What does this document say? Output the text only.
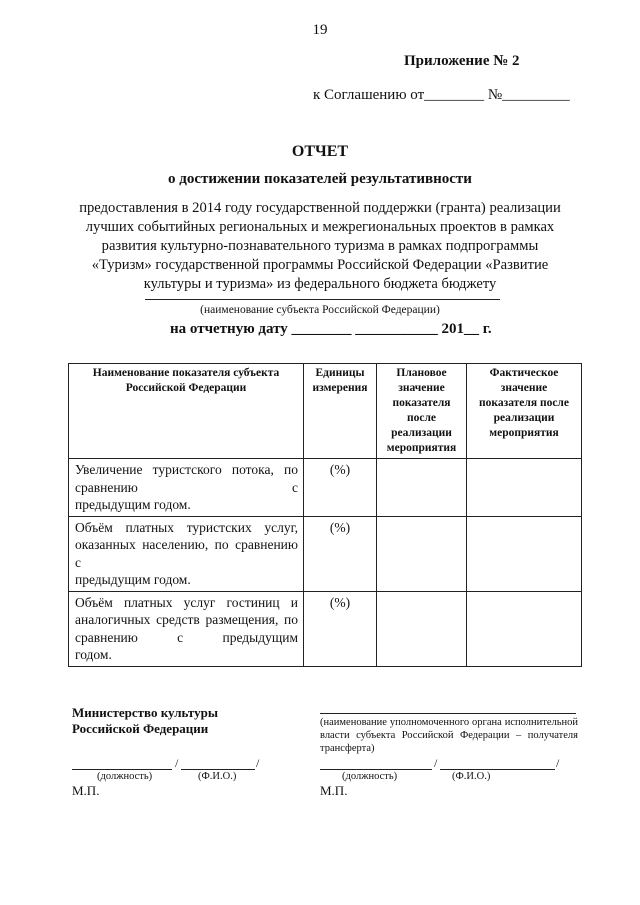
19
Приложение № 2
к Соглашению от________ №_________
ОТЧЕТ
о достижении показателей результативности
предоставления в 2014 году государственной поддержки (гранта) реализации
лучших событийных региональных и межрегиональных проектов в рамках
развития культурно-познавательного туризма в рамках подпрограммы
«Туризм» государственной программы Российской Федерации «Развитие
культуры и туризма» из федерального бюджета бюджету
(наименование субъекта Российской Федерации)
на отчетную дату ________ ___________ 201__ г.
Наименование показателя субъекта Российской Федерации	Единицы измерения	Плановое значение показателя после реализации мероприятия	Фактическое значение показателя после реализации мероприятия
Увеличение туристского потока, по сравнению с
предыдущим годом.	(%)		
Объём платных туристских услуг, оказанных населению, по сравнению с
предыдущим годом.	(%)		
Объём платных услуг гостиниц и аналогичных средств размещения, по сравнению с предыдущим
годом.	(%)		
Министерство культуры
Российской Федерации
/	/
(должность)	(Ф.И.О.)
М.П.
(наименование уполномоченного органа исполнительной власти субъекта Российской Федерации – получателя трансферта)
/	/
(должность)	(Ф.И.О.)
М.П.
